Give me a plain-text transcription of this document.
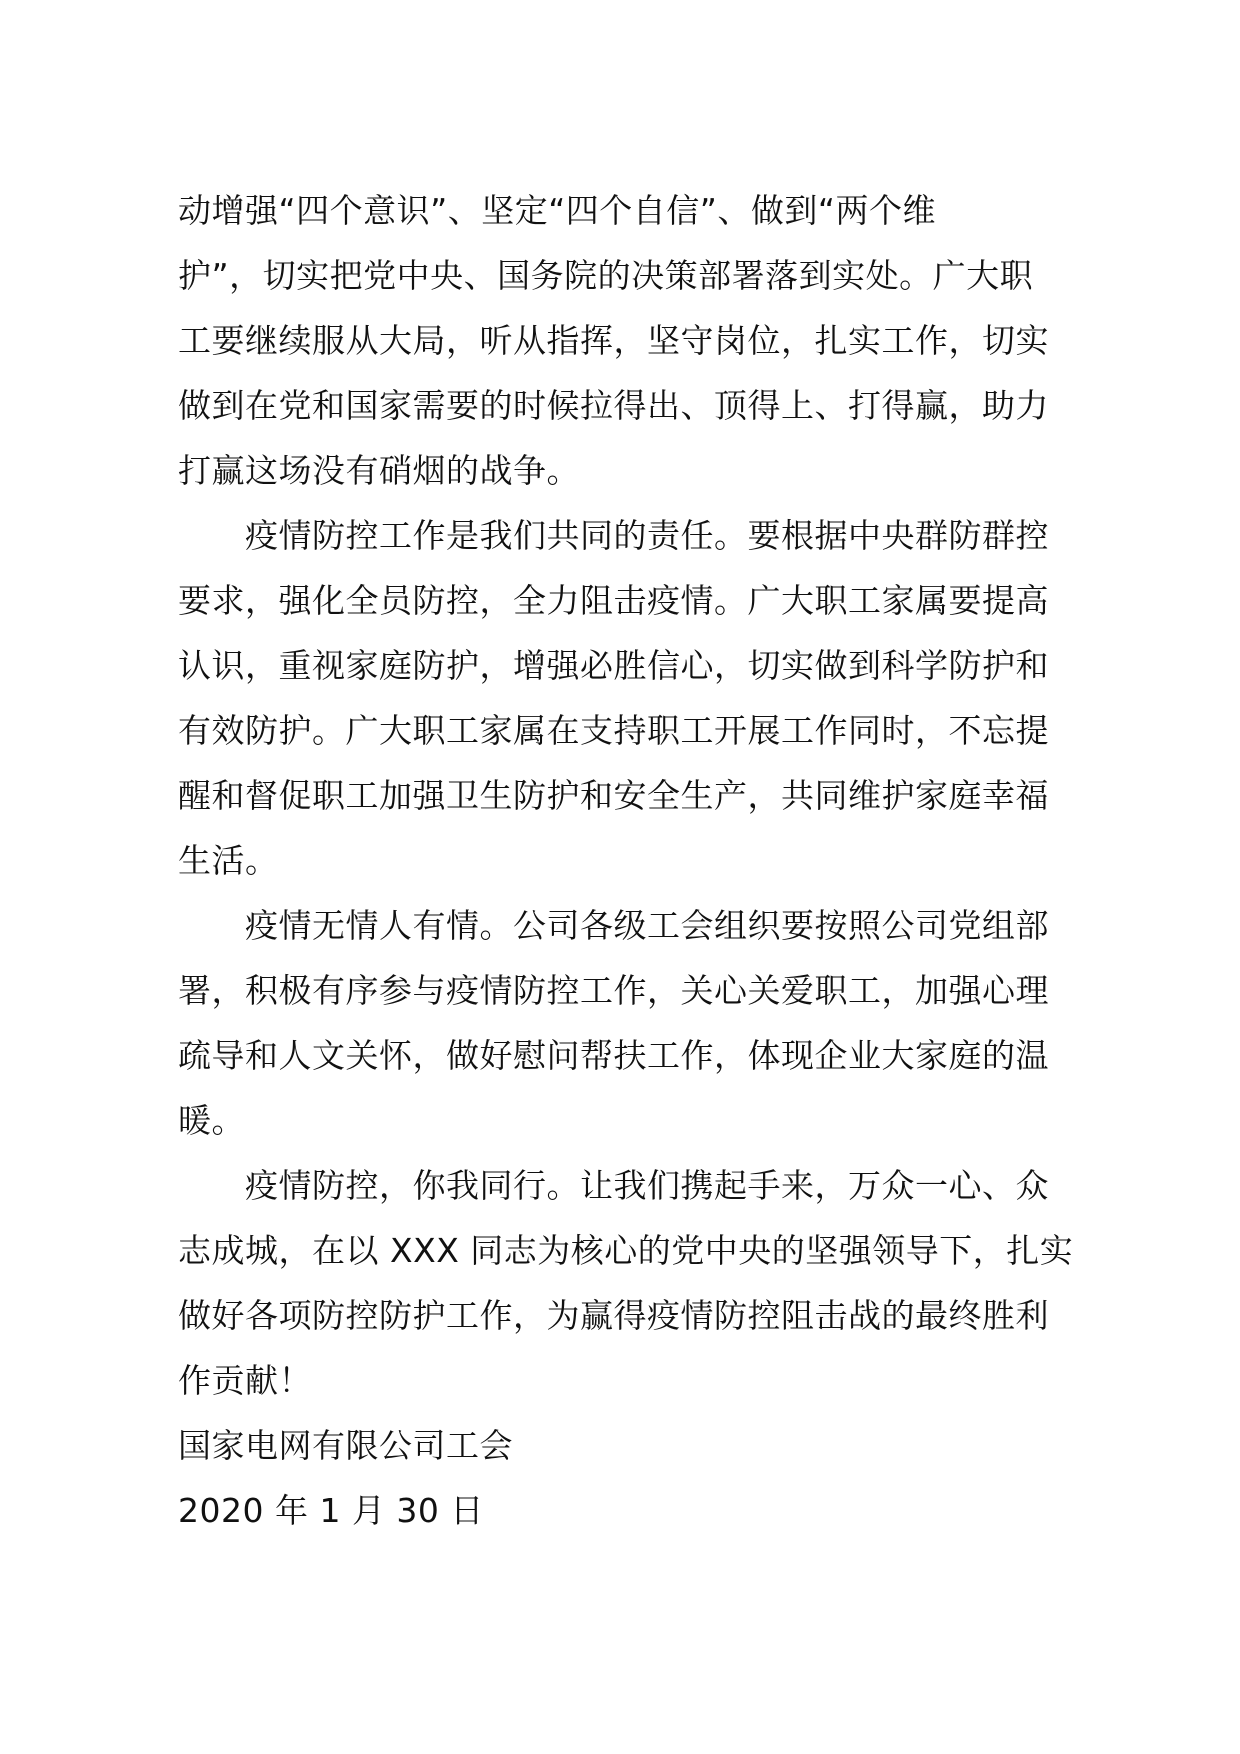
动增强“四个意识”、坚定“四个自信”、做到“两个维
护”，切实把党中央、国务院的决策部署落到实处。广大职
工要继续服从大局，听从指挥，坚守岗位，扎实工作，切实
做到在党和国家需要的时候拉得出、顶得上、打得赢，助力
打赢这场没有硝烟的战争。
疫情防控工作是我们共同的责任。要根据中央群防群控
要求，强化全员防控，全力阻击疫情。广大职工家属要提高
认识，重视家庭防护，增强必胜信心，切实做到科学防护和
有效防护。广大职工家属在支持职工开展工作同时，不忘提
醒和督促职工加强卫生防护和安全生产，共同维护家庭幸福
生活。
疫情无情人有情。公司各级工会组织要按照公司党组部
署，积极有序参与疫情防控工作，关心关爱职工，加强心理
疏导和人文关怀，做好慰问帮扶工作，体现企业大家庭的温
暖。
疫情防控，你我同行。让我们携起手来，万众一心、众
志成城，在以 XXX 同志为核心的党中央的坚强领导下，扎实
做好各项防控防护工作，为赢得疫情防控阻击战的最终胜利
作贡献！
国家电网有限公司工会
2020 年 1 月 30 日
